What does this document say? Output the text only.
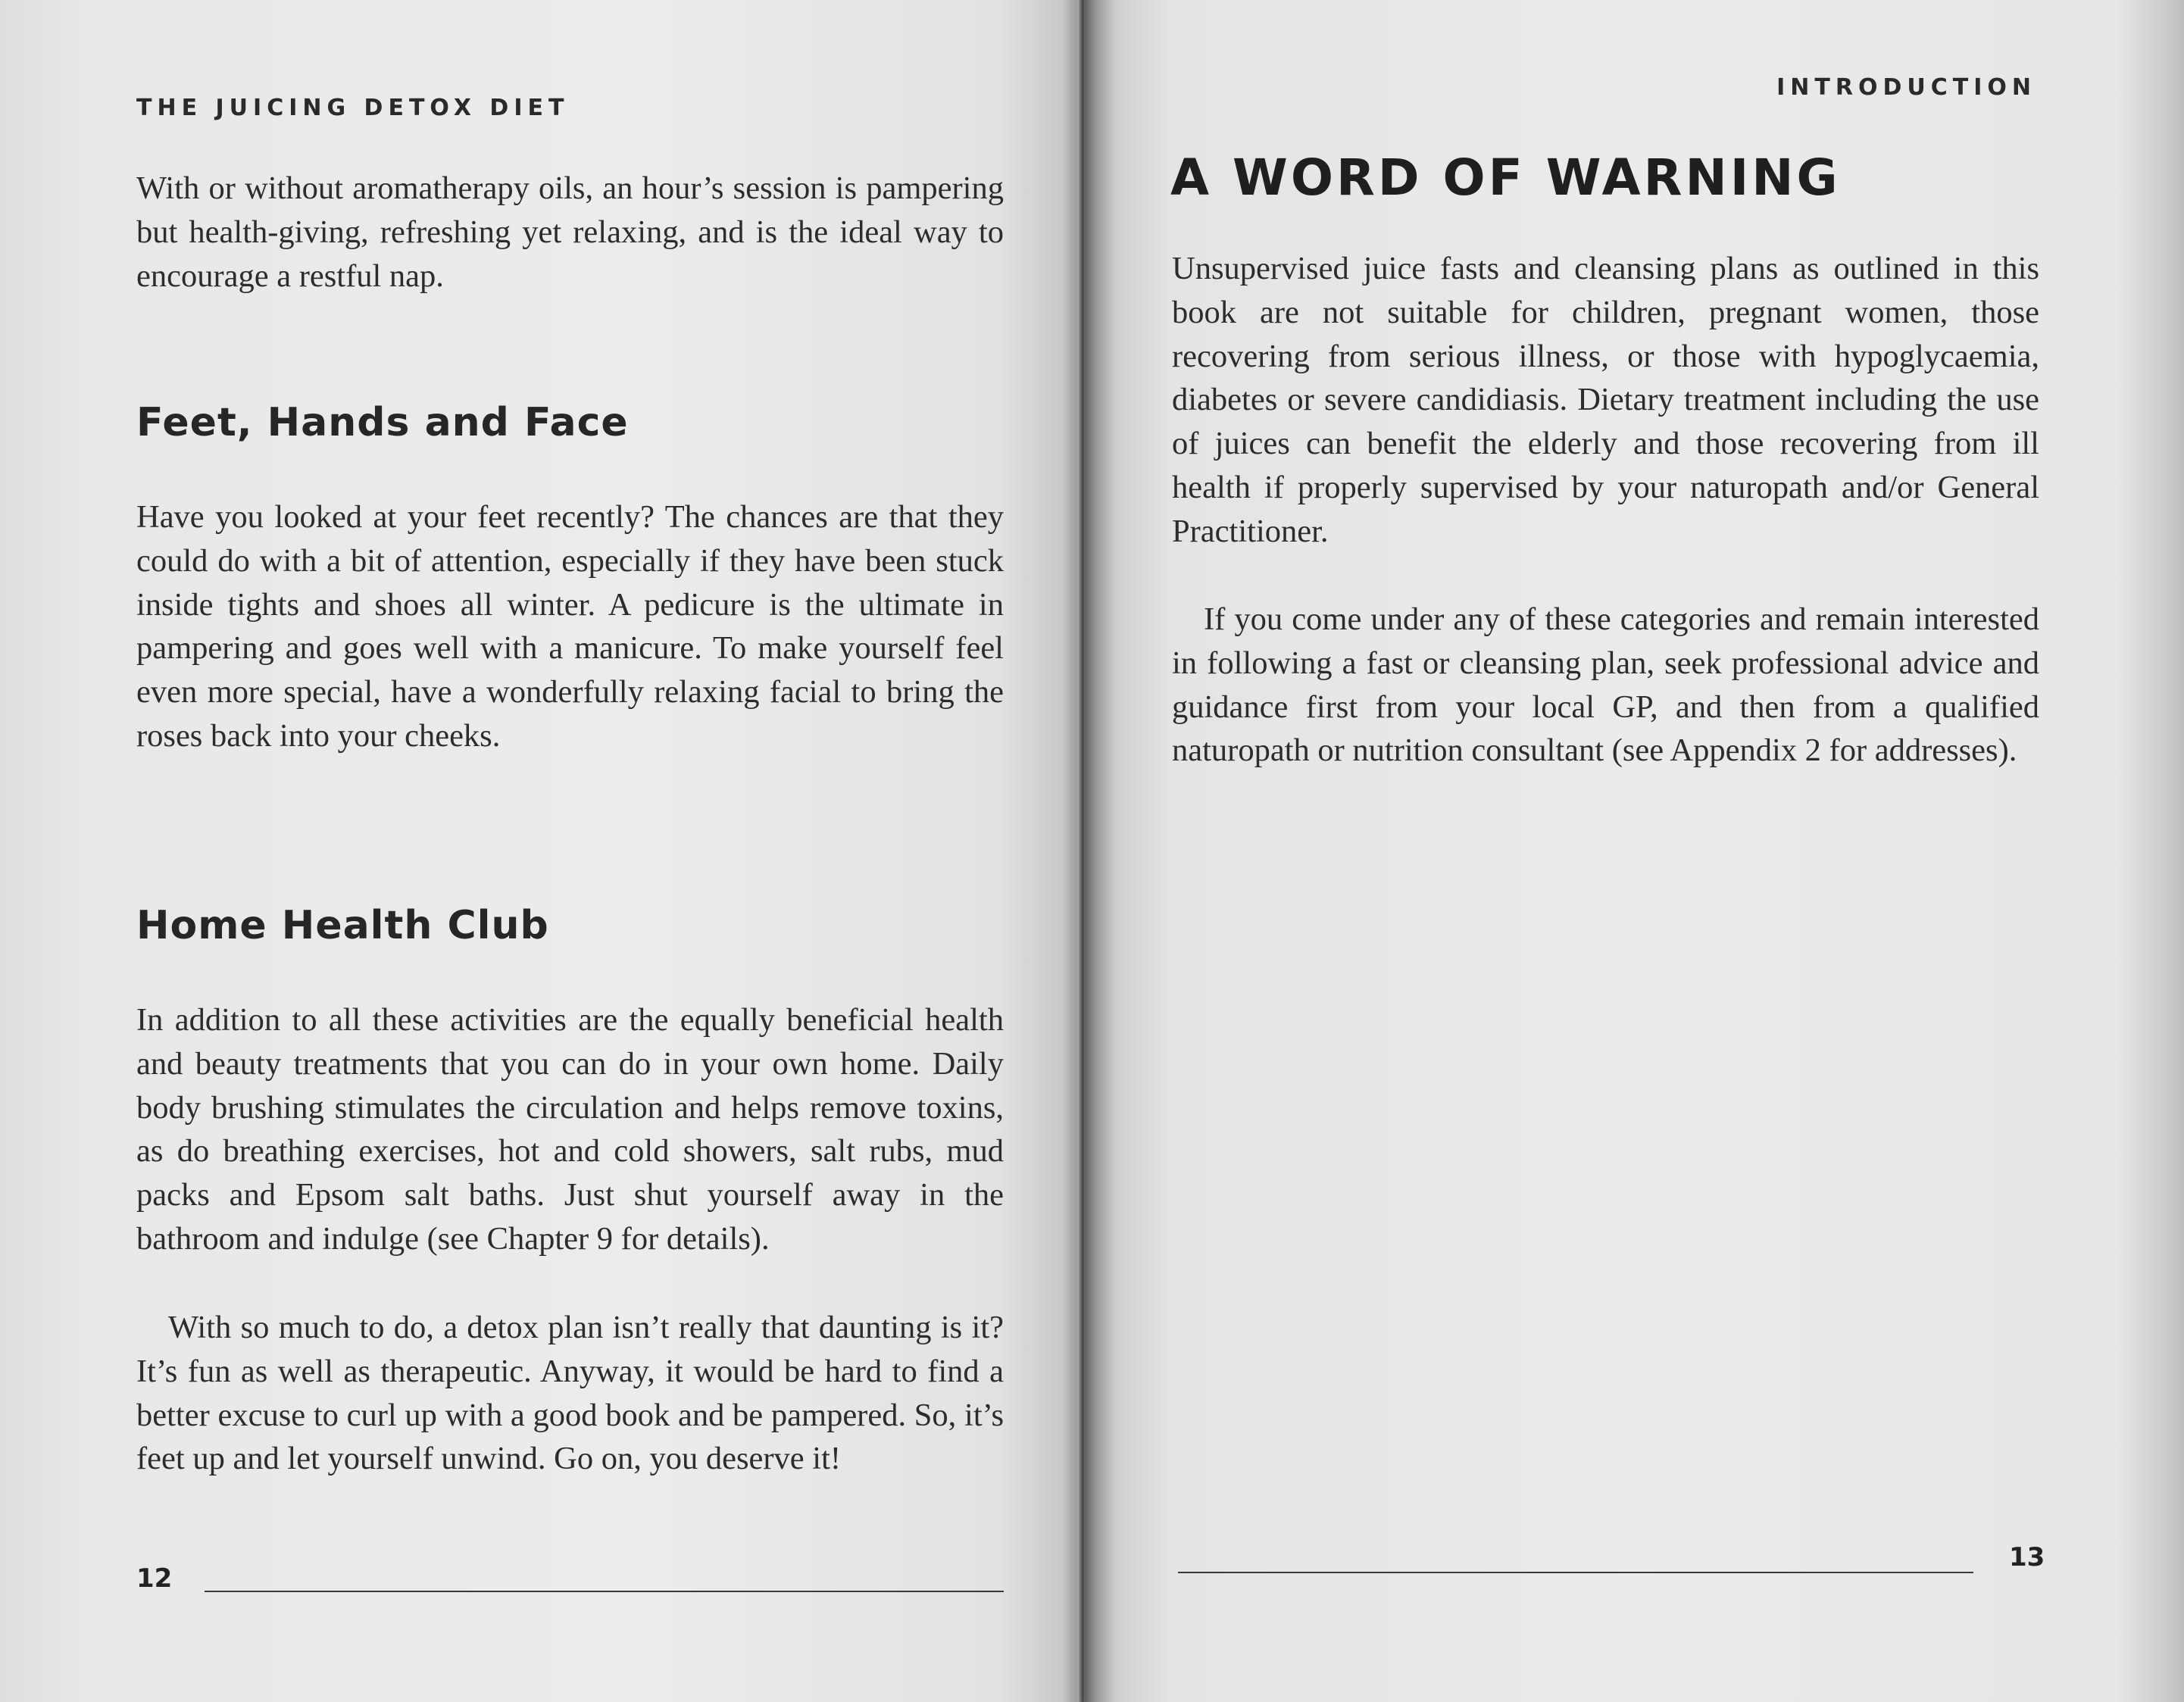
THE JUICING DETOX DIET

With or without aromatherapy oils, an hour’s session is pampering but health-giving, refreshing yet relaxing, and is the ideal way to encourage a restful nap.

Feet, Hands and Face

Have you looked at your feet recently? The chances are that they could do with a bit of attention, especially if they have been stuck inside tights and shoes all winter. A pedicure is the ultimate in pampering and goes well with a manicure. To make yourself feel even more special, have a wonderfully relaxing facial to bring the roses back into your cheeks.

Home Health Club

In addition to all these activities are the equally beneficial health and beauty treatments that you can do in your own home. Daily body brushing stimulates the circulation and helps remove toxins, as do breathing exercises, hot and cold showers, salt rubs, mud packs and Epsom salt baths. Just shut yourself away in the bathroom and indulge (see Chapter 9 for details).

With so much to do, a detox plan isn’t really that daunting is it? It’s fun as well as therapeutic. Anyway, it would be hard to find a better excuse to curl up with a good book and be pampered. So, it’s feet up and let yourself unwind. Go on, you deserve it!

12
INTRODUCTION
A WORD OF WARNING

Unsupervised juice fasts and cleansing plans as outlined in this book are not suitable for children, pregnant women, those recovering from serious illness, or those with hypoglycaemia, diabetes or severe candidiasis. Dietary treatment including the use of juices can benefit the elderly and those recovering from ill health if properly supervised by your naturopath and/or General Practitioner.

If you come under any of these categories and remain interested in following a fast or cleansing plan, seek professional advice and guidance first from your local GP, and then from a qualified naturopath or nutrition consultant (see Appendix 2 for addresses).

13
